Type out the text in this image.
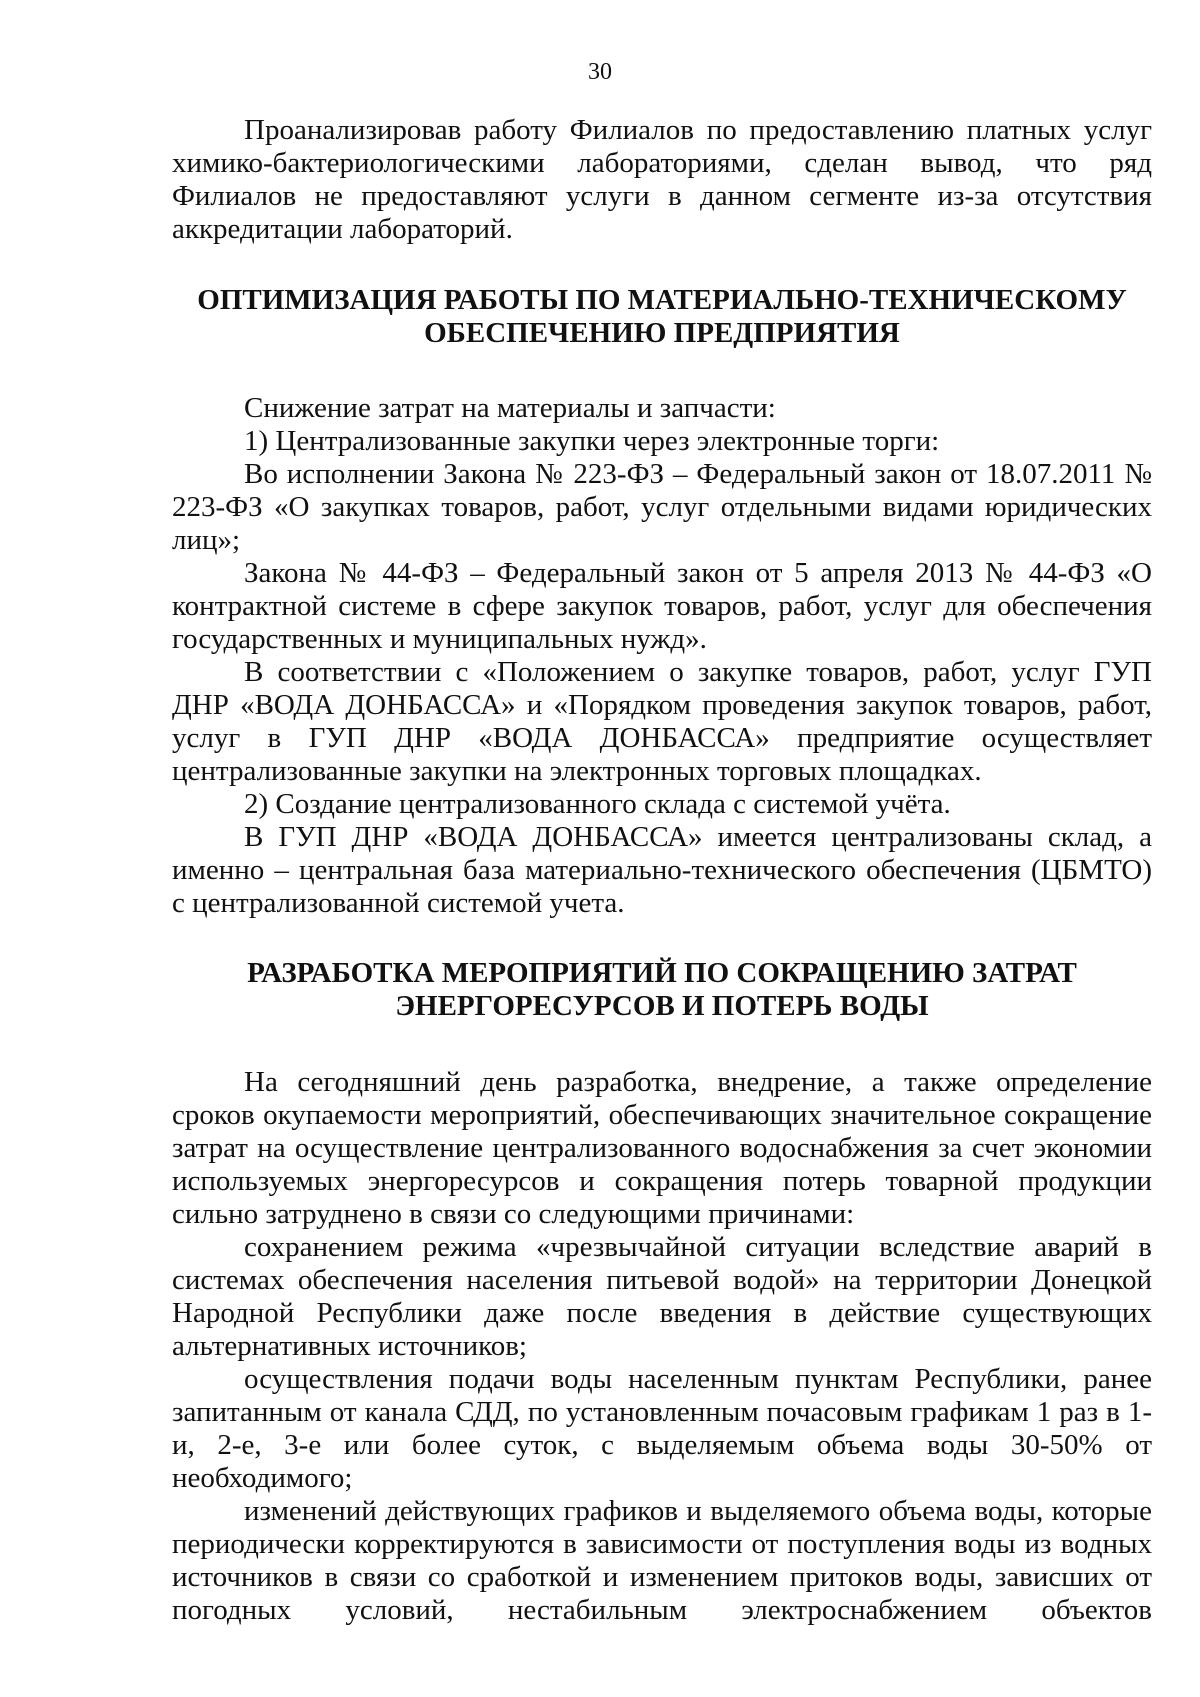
30

Проанализировав работу Филиалов по предоставлению платных услуг химико-бактериологическими лабораториями, сделан вывод, что ряд Филиалов не предоставляют услуги в данном сегменте из-за отсутствия аккредитации лабораторий.

ОПТИМИЗАЦИЯ РАБОТЫ ПО МАТЕРИАЛЬНО-ТЕХНИЧЕСКОМУ
ОБЕСПЕЧЕНИЮ ПРЕДПРИЯТИЯ

Снижение затрат на материалы и запчасти:

1) Централизованные закупки через электронные торги:

Во исполнении Закона № 223-ФЗ – Федеральный закон от 18.07.2011 № 223-ФЗ «О закупках товаров, работ, услуг отдельными видами юридических лиц»;

Закона № 44-ФЗ – Федеральный закон от 5 апреля 2013 № 44-ФЗ «О контрактной системе в сфере закупок товаров, работ, услуг для обеспечения государственных и муниципальных нужд».

В соответствии с «Положением о закупке товаров, работ, услуг ГУП ДНР «ВОДА ДОНБАССА» и «Порядком проведения закупок товаров, работ, услуг в ГУП ДНР «ВОДА ДОНБАССА» предприятие осуществляет централизованные закупки на электронных торговых площадках.

2) Создание централизованного склада с системой учёта.

В ГУП ДНР «ВОДА ДОНБАССА» имеется централизованы склад, а именно – центральная база материально-технического обеспечения (ЦБМТО) с централизованной системой учета.

РАЗРАБОТКА МЕРОПРИЯТИЙ ПО СОКРАЩЕНИЮ ЗАТРАТ
ЭНЕРГОРЕСУРСОВ И ПОТЕРЬ ВОДЫ

На сегодняшний день разработка, внедрение, а также определение сроков окупаемости мероприятий, обеспечивающих значительное сокращение затрат на осуществление централизованного водоснабжения за счет экономии используемых энергоресурсов и сокращения потерь товарной продукции сильно затруднено в связи со следующими причинами:

сохранением режима «чрезвычайной ситуации вследствие аварий в системах обеспечения населения питьевой водой» на территории Донецкой Народной Республики даже после введения в действие существующих альтернативных источников;

осуществления подачи воды населенным пунктам Республики, ранее запитанным от канала СДД, по установленным почасовым графикам 1 раз в 1-и, 2-е, 3-е или более суток, с выделяемым объема воды 30-50% от необходимого;

изменений действующих графиков и выделяемого объема воды, которые периодически корректируются в зависимости от поступления воды из водных источников в связи со сработкой и изменением притоков воды, зависших от погодных условий, нестабильным электроснабжением объектов
